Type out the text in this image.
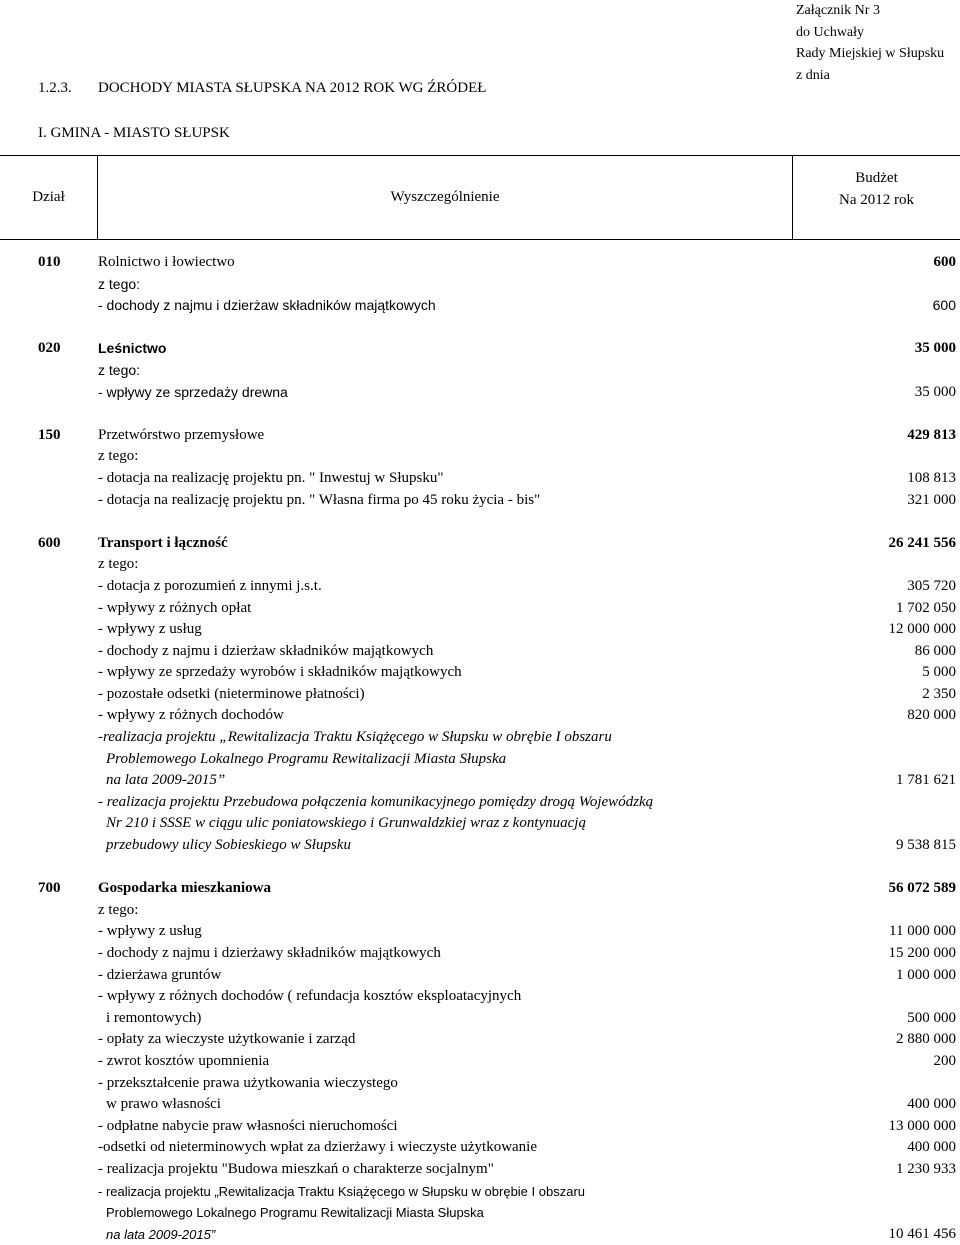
Załącznik Nr 3
do Uchwały
Rady Miejskiej w Słupsku
z dnia
1.2.3. DOCHODY MIASTA SŁUPSKA NA 2012 ROK WG ŹRÓDEŁ
I. GMINA - MIASTO SŁUPSK
Dział	Wyszczególnienie
Budżet
Na 2012 rok
010	Rolnictwo i łowiectwo	600
z tego:
- dochody z najmu i dzierżaw składników majątkowych	600
020	Leśnictwo	35 000
z tego:
- wpływy ze sprzedaży drewna	35 000
150	Przetwórstwo przemysłowe	429 813
z tego:
- dotacja na realizację projektu pn. " Inwestuj w Słupsku"	108 813
- dotacja na realizację projektu pn. " Własna firma po 45 roku życia - bis"	321 000
600	Transport i łączność	26 241 556
z tego:
- dotacja z porozumień z innymi j.s.t.	305 720
- wpływy z różnych opłat	1 702 050
- wpływy z usług	12 000 000
- dochody z najmu i dzierżaw składników majątkowych	86 000
- wpływy ze sprzedaży wyrobów i składników majątkowych	5 000
- pozostałe odsetki (nieterminowe płatności)	2 350
- wpływy z różnych dochodów	820 000
-realizacja projektu „Rewitalizacja Traktu Książęcego w Słupsku w obrębie I obszaru
Problemowego Lokalnego Programu Rewitalizacji Miasta Słupska
na lata 2009-2015”	1 781 621
- realizacja projektu Przebudowa połączenia komunikacyjnego pomiędzy drogą Wojewódzką
Nr 210 i SSSE w ciągu ulic poniatowskiego i Grunwaldzkiej wraz z kontynuacją
przebudowy ulicy Sobieskiego w Słupsku	9 538 815
700	Gospodarka mieszkaniowa	56 072 589
z tego:
- wpływy z usług	11 000 000
- dochody z najmu i dzierżawy składników majątkowych	15 200 000
- dzierżawa gruntów	1 000 000
- wpływy z różnych dochodów ( refundacja kosztów eksploatacyjnych
i remontowych)	500 000
- opłaty za wieczyste użytkowanie i zarząd	2 880 000
- zwrot kosztów upomnienia	200
- przekształcenie prawa użytkowania wieczystego
w prawo własności	400 000
- odpłatne nabycie praw własności nieruchomości	13 000 000
-odsetki od nieterminowych wpłat za dzierżawy i wieczyste użytkowanie	400 000
- realizacja projektu "Budowa mieszkań o charakterze socjalnym"	1 230 933
- realizacja projektu „Rewitalizacja Traktu Książęcego w Słupsku w obrębie I obszaru
Problemowego Lokalnego Programu Rewitalizacji Miasta Słupska
na lata 2009-2015”	10 461 456
